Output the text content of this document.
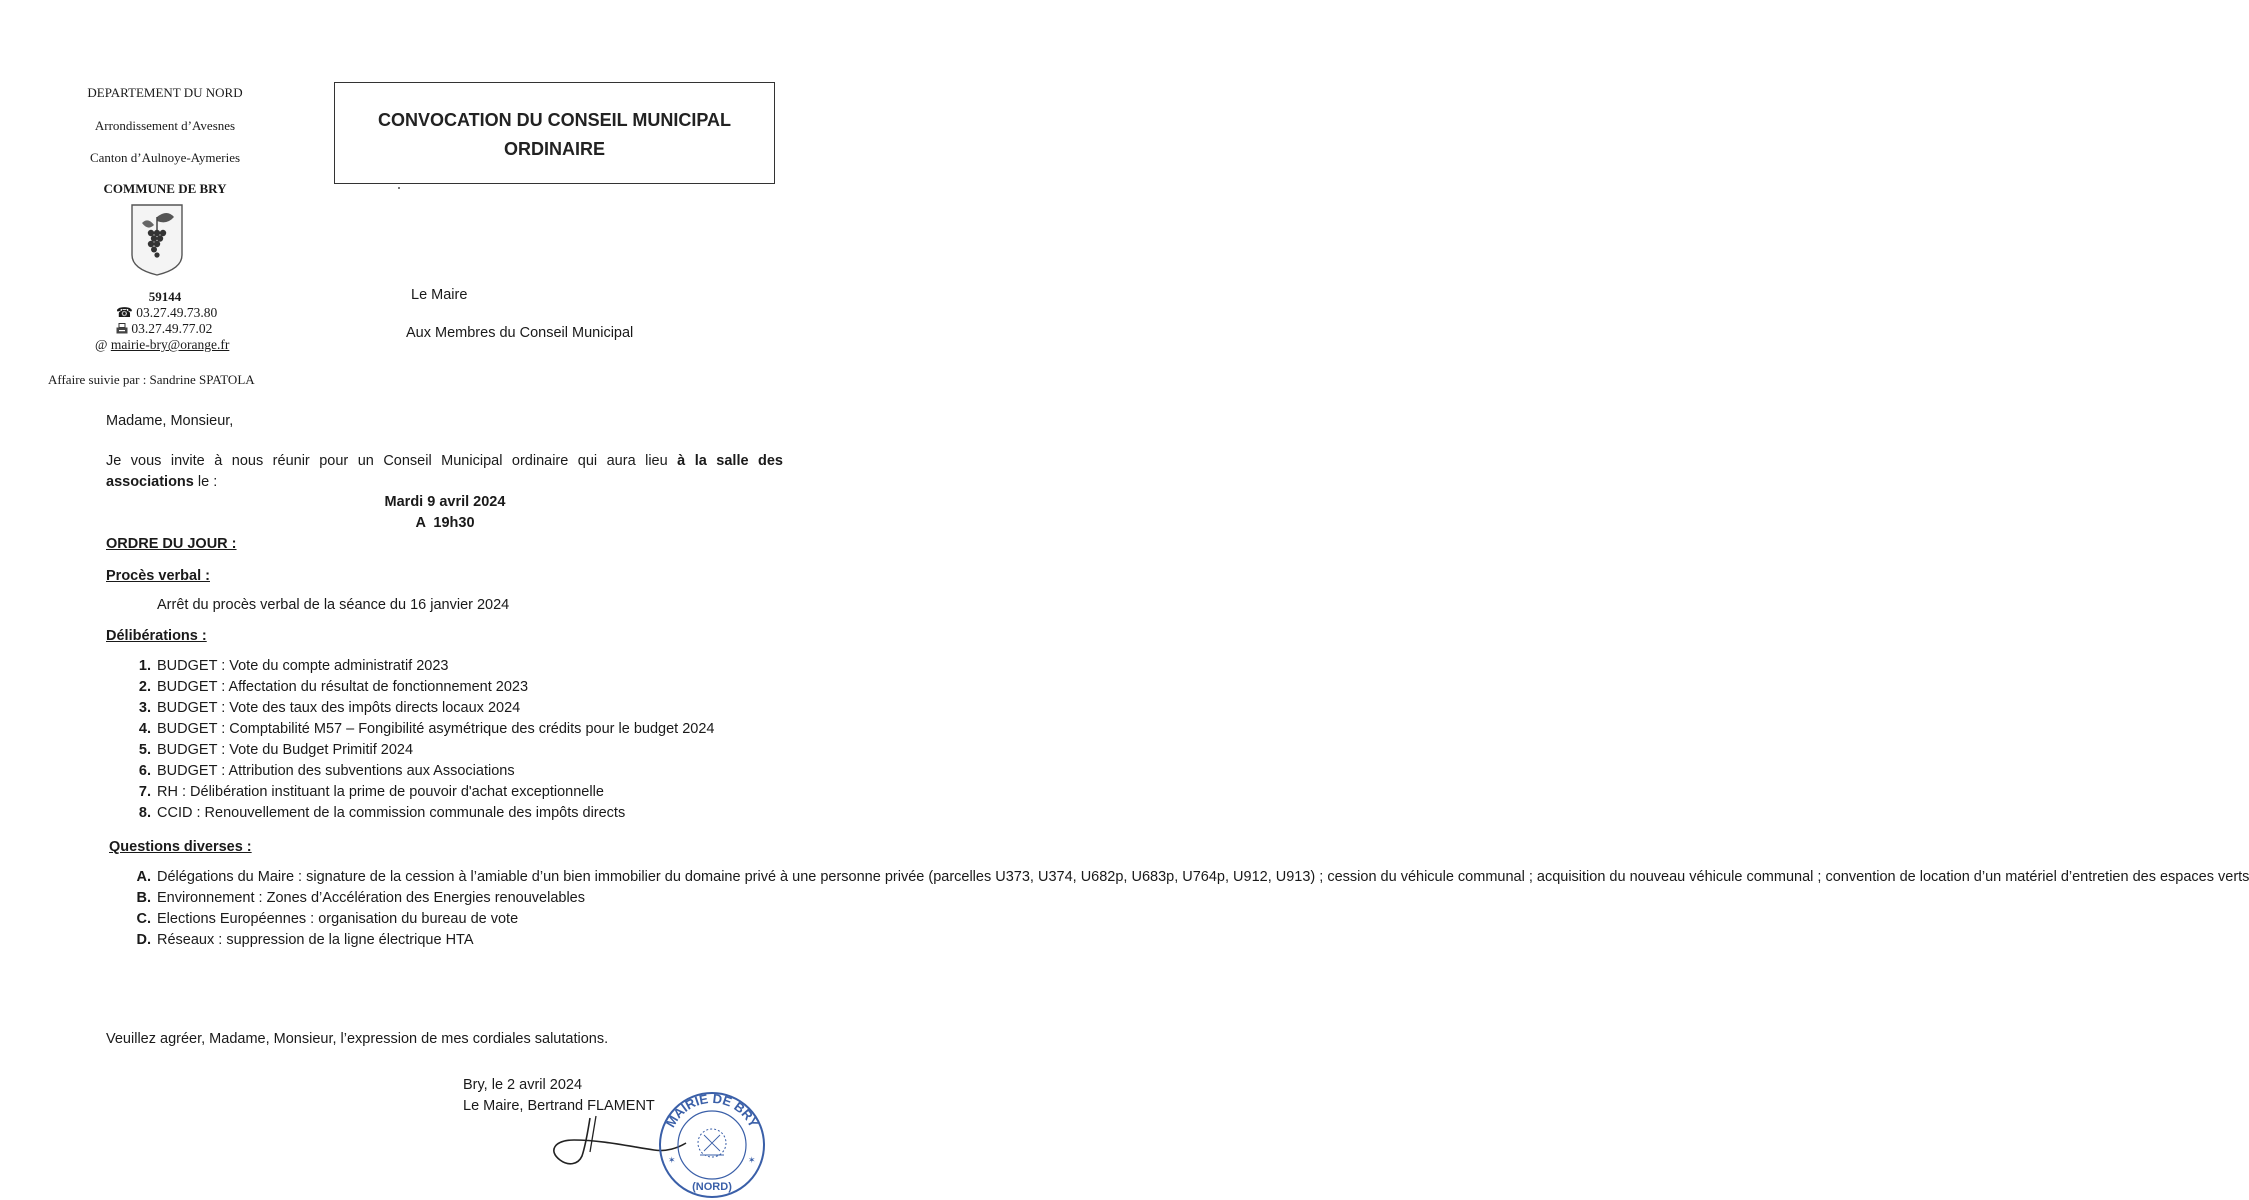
DEPARTEMENT DU NORD
Arrondissement d’Avesnes
Canton d’Aulnoye-Aymeries
COMMUNE DE BRY
59144
☎ 03.27.49.73.80
03.27.49.77.02
@ mairie-bry@orange.fr
Affaire suivie par : Sandrine SPATOLA
CONVOCATION DU CONSEIL MUNICIPAL
ORDINAIRE
Le Maire
Aux Membres du Conseil Municipal
Madame, Monsieur,
Je vous invite à nous réunir pour un Conseil Municipal ordinaire qui aura lieu à la salle des
associations le :
Mardi 9 avril 2024
A  19h30
ORDRE DU JOUR :
Procès verbal :
Arrêt du procès verbal de la séance du 16 janvier 2024
Délibérations :
1. BUDGET : Vote du compte administratif 2023
2. BUDGET : Affectation du résultat de fonctionnement 2023
3. BUDGET : Vote des taux des impôts directs locaux 2024
4. BUDGET : Comptabilité M57 – Fongibilité asymétrique des crédits pour le budget 2024
5. BUDGET : Vote du Budget Primitif 2024
6. BUDGET : Attribution des subventions aux Associations
7. RH : Délibération instituant la prime de pouvoir d'achat exceptionnelle
8. CCID : Renouvellement de la commission communale des impôts directs
Questions diverses :
A. Délégations du Maire : signature de la cession à l’amiable d’un bien immobilier du domaine privé à une personne privée (parcelles U373, U374, U682p, U683p, U764p, U912, U913) ; cession du véhicule communal ; acquisition du nouveau véhicule communal ; convention de location d’un matériel d’entretien des espaces verts
B. Environnement : Zones d’Accélération des Energies renouvelables
C. Elections Européennes : organisation du bureau de vote
D. Réseaux : suppression de la ligne électrique HTA
Veuillez agréer, Madame, Monsieur, l’expression de mes cordiales salutations.
Bry, le 2 avril 2024
Le Maire, Bertrand FLAMENT
MAIRIE DE BRY
(NORD)
✶	✶
